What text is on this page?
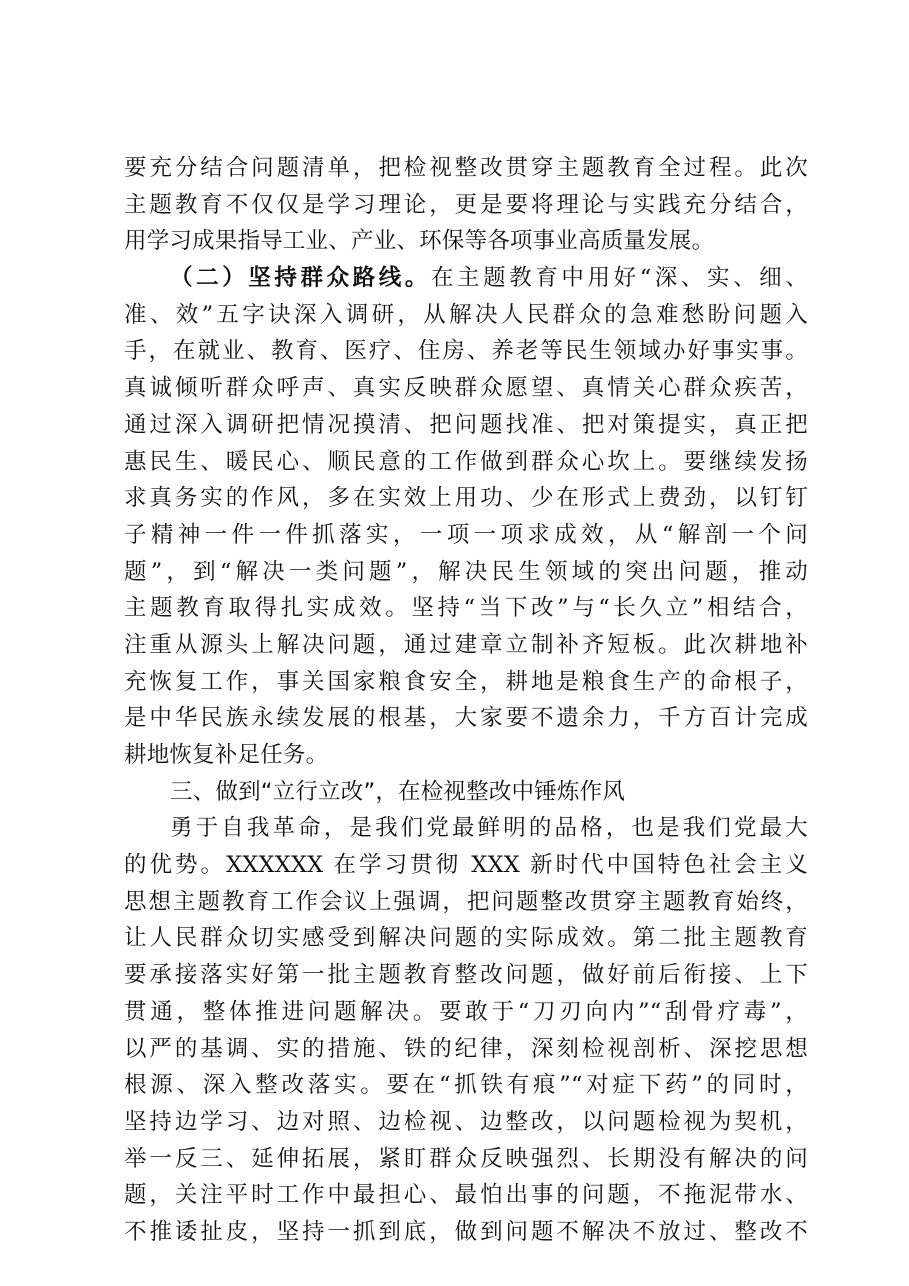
要充分结合问题清单，把检视整改贯穿主题教育全过程。此次
主题教育不仅仅是学习理论，更是要将理论与实践充分结合，
用学习成果指导工业、产业、环保等各项事业高质量发展。
（二）坚持群众路线。在主题教育中用好“深、实、细、
准、效”五字诀深入调研，从解决人民群众的急难愁盼问题入
手，在就业、教育、医疗、住房、养老等民生领域办好事实事。
真诚倾听群众呼声、真实反映群众愿望、真情关心群众疾苦，
通过深入调研把情况摸清、把问题找准、把对策提实，真正把
惠民生、暖民心、顺民意的工作做到群众心坎上。要继续发扬
求真务实的作风，多在实效上用功、少在形式上费劲，以钉钉
子精神一件一件抓落实，一项一项求成效，从“解剖一个问
题”，到“解决一类问题”，解决民生领域的突出问题，推动
主题教育取得扎实成效。坚持“当下改”与“长久立”相结合，
注重从源头上解决问题，通过建章立制补齐短板。此次耕地补
充恢复工作，事关国家粮食安全，耕地是粮食生产的命根子，
是中华民族永续发展的根基，大家要不遗余力，千方百计完成
耕地恢复补足任务。
三、做到“立行立改”，在检视整改中锤炼作风
勇于自我革命，是我们党最鲜明的品格，也是我们党最大
的优势。XXXXXX 在学习贯彻 XXX 新时代中国特色社会主义
思想主题教育工作会议上强调，把问题整改贯穿主题教育始终，
让人民群众切实感受到解决问题的实际成效。第二批主题教育
要承接落实好第一批主题教育整改问题，做好前后衔接、上下
贯通，整体推进问题解决。要敢于“刀刃向内”“刮骨疗毒”，
以严的基调、实的措施、铁的纪律，深刻检视剖析、深挖思想
根源、深入整改落实。要在“抓铁有痕”“对症下药”的同时，
坚持边学习、边对照、边检视、边整改，以问题检视为契机，
举一反三、延伸拓展，紧盯群众反映强烈、长期没有解决的问
题，关注平时工作中最担心、最怕出事的问题，不拖泥带水、
不推诿扯皮，坚持一抓到底，做到问题不解决不放过、整改不
